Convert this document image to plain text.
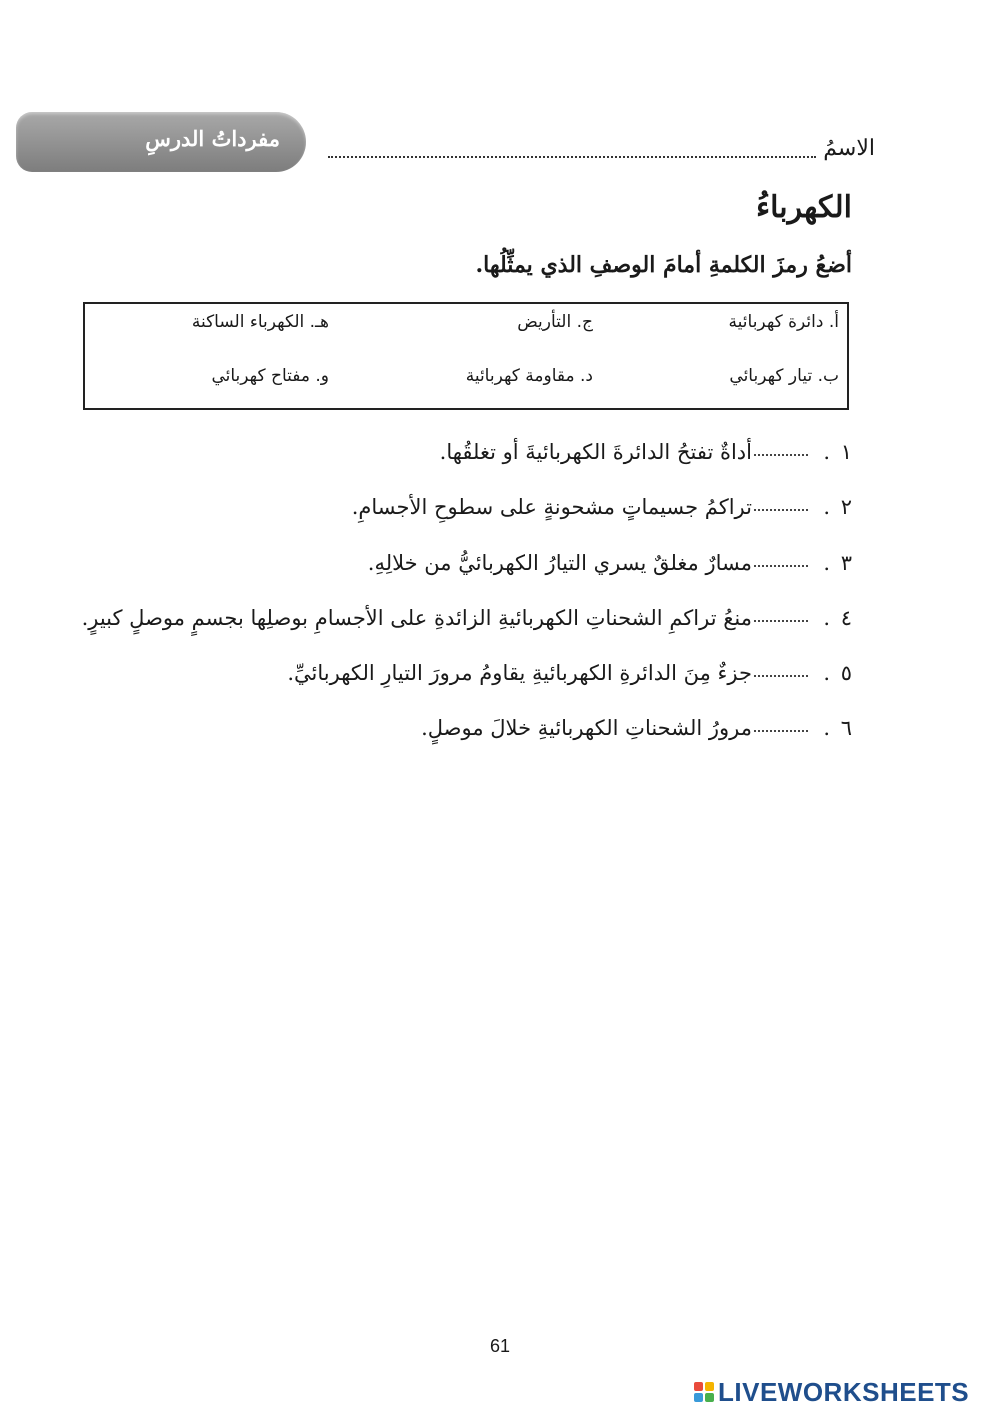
مفرداتُ الدرسِ	الاسمُ
الكهرباءُ
أضعُ رمزَ الكلمةِ أمامَ الوصفِ الذي يمثِّلُها.
أ. دائرة كهربائية
ج. التأريض
هـ. الكهرباء الساكنة
ب. تيار كهربائي
د. مقاومة كهربائية
و. مفتاح كهربائي
١
.
أداةٌ تفتحُ الدائرةَ الكهربائيةَ أو تغلقُها.
٢
.
تراكمُ جسيماتٍ مشحونةٍ على سطوحِ الأجسامِ.
٣
.
مسارٌ مغلقٌ يسري التيارُ الكهربائيُّ من خلالِهِ.
٤
.
منعُ تراكمِ الشحناتِ الكهربائيةِ الزائدةِ على الأجسامِ بوصلِها بجسمٍ موصلٍ كبيرٍ.
٥
.
جزءٌ مِنَ الدائرةِ الكهربائيةِ يقاومُ مرورَ التيارِ الكهربائيِّ.
٦
.
مرورُ الشحناتِ الكهربائيةِ خلالَ موصلٍ.
61
LIVEWORKSHEETS
